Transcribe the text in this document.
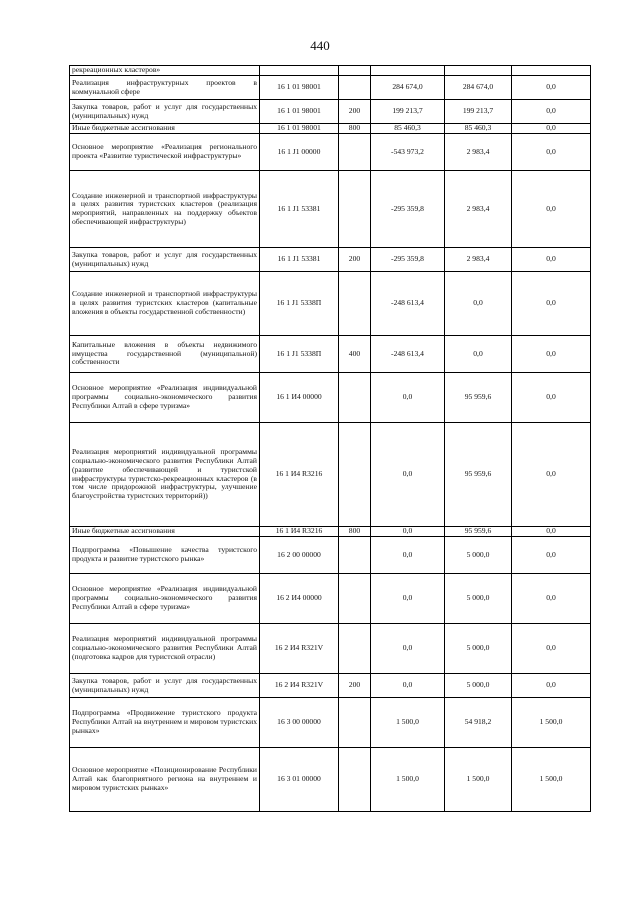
440
рекреационных кластеров»					
Реализация инфраструктурных проектов в коммунальной сфере	16 1 01 98001		284 674,0	284 674,0	0,0
Закупка товаров, работ и услуг для государственных (муниципальных) нужд	16 1 01 98001	200	199 213,7	199 213,7	0,0
Иные бюджетные ассигнования	16 1 01 98001	800	85 460,3	85 460,3	0,0
Основное мероприятие «Реализация регионального проекта «Развитие туристической инфраструктуры»	16 1 J1 00000		-543 973,2	2 983,4	0,0
Создание инженерной и транспортной инфраструктуры в целях развития туристских кластеров (реализация мероприятий, направленных на поддержку объектов обеспечивающей инфраструктуры)	16 1 J1 53381		-295 359,8	2 983,4	0,0
Закупка товаров, работ и услуг для государственных (муниципальных) нужд	16 1 J1 53381	200	-295 359,8	2 983,4	0,0
Создание инженерной и транспортной инфраструктуры в целях развития туристских кластеров (капитальные вложения в объекты государственной собственности)	16 1 J1 5338П		-248 613,4	0,0	0,0
Капитальные вложения в объекты недвижимого имущества государственной (муниципальной) собственности	16 1 J1 5338П	400	-248 613,4	0,0	0,0
Основное мероприятие «Реализация индивидуальной программы социально-экономического развития Республики Алтай в сфере туризма»	16 1 И4 00000		0,0	95 959,6	0,0
Реализация мероприятий индивидуальной программы социально-экономического развития Республики Алтай (развитие обеспечивающей и туристской инфраструктуры туристско-рекреационных кластеров (в том числе придорожной инфраструктуры, улучшение благоустройства туристских территорий))	16 1 И4 R3216		0,0	95 959,6	0,0
Иные бюджетные ассигнования	16 1 И4 R3216	800	0,0	95 959,6	0,0
Подпрограмма «Повышение качества туристского продукта и развитие туристского рынка»	16 2 00 00000		0,0	5 000,0	0,0
Основное мероприятие «Реализация индивидуальной программы социально-экономического развития Республики Алтай в сфере туризма»	16 2 И4 00000		0,0	5 000,0	0,0
Реализация мероприятий индивидуальной программы социально-экономического развития Республики Алтай (подготовка кадров для туристской отрасли)	16 2 И4 R321V		0,0	5 000,0	0,0
Закупка товаров, работ и услуг для государственных (муниципальных) нужд	16 2 И4 R321V	200	0,0	5 000,0	0,0
Подпрограмма «Продвижение туристского продукта Республики Алтай на внутреннем и мировом туристских рынках»	16 3 00 00000		1 500,0	54 918,2	1 500,0
Основное мероприятие «Позиционирование Республики Алтай как благоприятного региона на внутреннем и мировом туристских рынках»	16 3 01 00000		1 500,0	1 500,0	1 500,0
